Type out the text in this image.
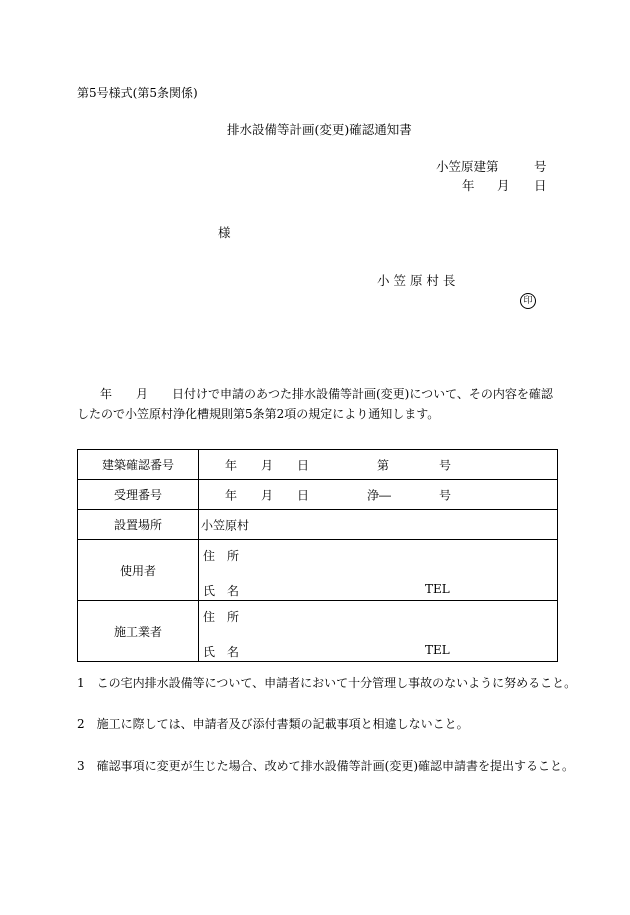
第5号様式(第5条関係)
排水設備等計画(変更)確認通知書
小笠原建第	号
年 月 日
様
小 笠 原 村 長
印
年　　月　　日付けで申請のあつた排水設備等計画(変更)について、その内容を確認
したので小笠原村浄化槽規則第5条第2項の規定により通知します。
建築確認番号	年 月 日 第 号

受理番号	年 月 日 浄― 号

設置場所	小笠原村

使用者	住　所
氏　名 TEL

施工業者	住　所
氏　名 TEL
1　この宅内排水設備等について、申請者において十分管理し事故のないように努めること。
2　施工に際しては、申請者及び添付書類の記載事項と相違しないこと。
3　確認事項に変更が生じた場合、改めて排水設備等計画(変更)確認申請書を提出すること。
